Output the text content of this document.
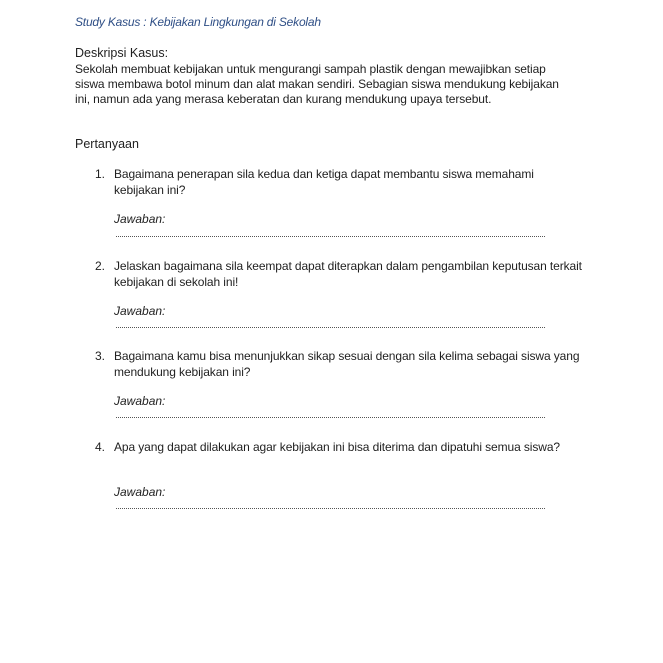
Study Kasus : Kebijakan Lingkungan di Sekolah
Deskripsi Kasus:
Sekolah membuat kebijakan untuk mengurangi sampah plastik dengan mewajibkan setiap siswa membawa botol minum dan alat makan sendiri. Sebagian siswa mendukung kebijakan ini, namun ada yang merasa keberatan dan kurang mendukung upaya tersebut.
Pertanyaan
1. Bagaimana penerapan sila kedua dan ketiga dapat membantu siswa memahami kebijakan ini?
Jawaban:
2. Jelaskan bagaimana sila keempat dapat diterapkan dalam pengambilan keputusan terkait kebijakan di sekolah ini!
Jawaban:
3. Bagaimana kamu bisa menunjukkan sikap sesuai dengan sila kelima sebagai siswa yang mendukung kebijakan ini?
Jawaban:
4. Apa yang dapat dilakukan agar kebijakan ini bisa diterima dan dipatuhi semua siswa?
Jawaban:
